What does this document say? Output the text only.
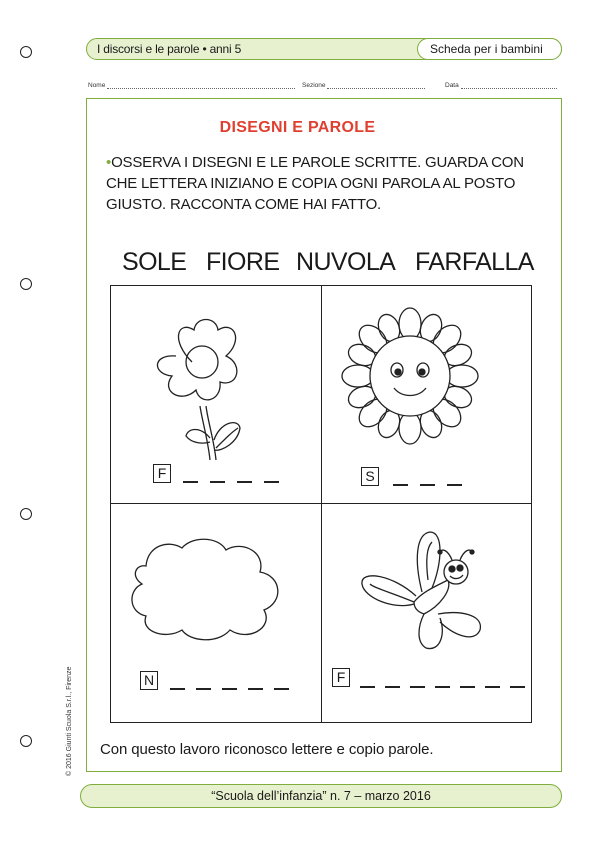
I discorsi e le parole • anni 5	Scheda per i bambini
Nome	Sezione	Data
DISEGNI E PAROLE
•OSSERVA I DISEGNI E LE PAROLE SCRITTE. GUARDA CON CHE LETTERA INIZIANO E COPIA OGNI PAROLA AL POSTO GIUSTO. RACCONTA COME HAI FATTO.
SOLE FIORE NUVOLA FARFALLA
F	S
N	F
Con questo lavoro riconosco lettere e copio parole.
© 2016 Giunti Scuola S.r.l., Firenze
“Scuola dell’infanzia” n. 7 – marzo 2016
